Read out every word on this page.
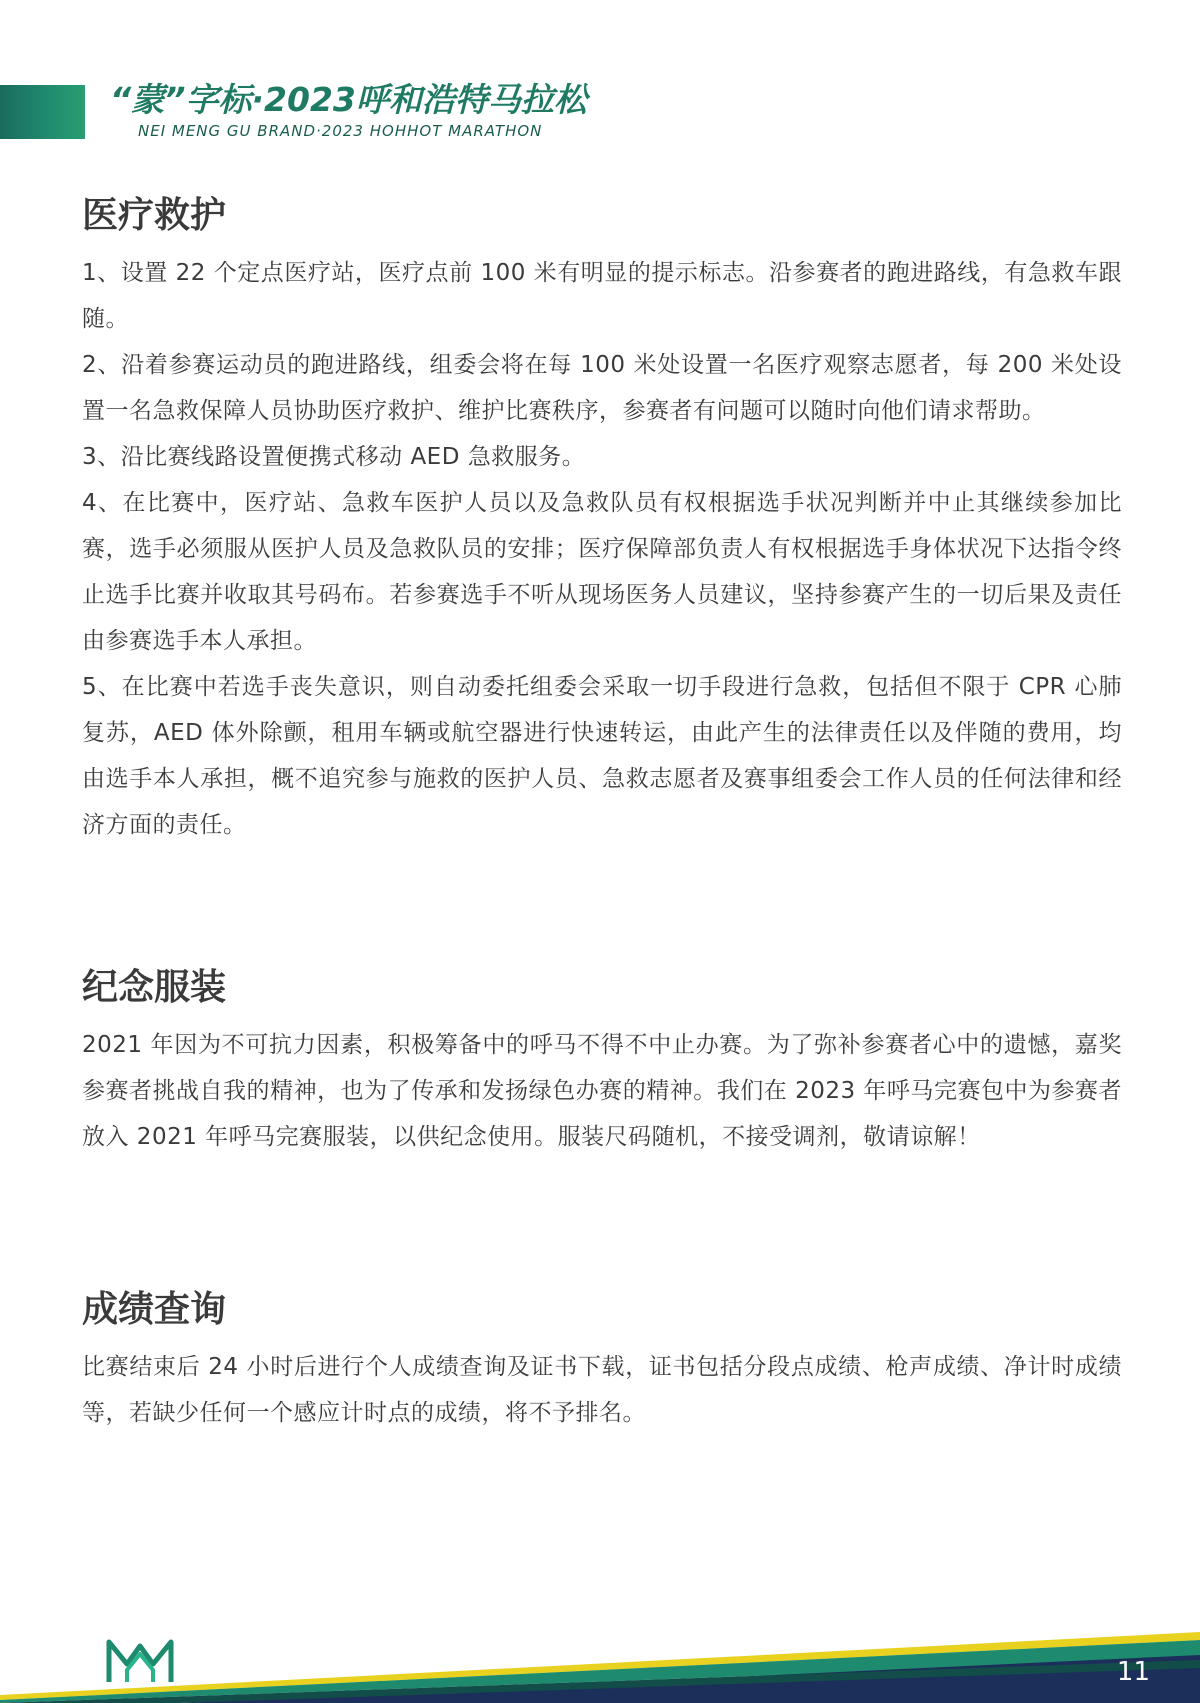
“蒙”字标·2023呼和浩特马拉松
NEI MENG GU BRAND·2023 HOHHOT MARATHON
医疗救护

1、设置 22 个定点医疗站，医疗点前 100 米有明显的提示标志。沿参赛者的跑进路线，有急救车跟随。

2、沿着参赛运动员的跑进路线，组委会将在每 100 米处设置一名医疗观察志愿者，每 200 米处设置一名急救保障人员协助医疗救护、维护比赛秩序，参赛者有问题可以随时向他们请求帮助。

3、沿比赛线路设置便携式移动 AED 急救服务。

4、在比赛中，医疗站、急救车医护人员以及急救队员有权根据选手状况判断并中止其继续参加比赛，选手必须服从医护人员及急救队员的安排；医疗保障部负责人有权根据选手身体状况下达指令终止选手比赛并收取其号码布。若参赛选手不听从现场医务人员建议，坚持参赛产生的一切后果及责任由参赛选手本人承担。

5、在比赛中若选手丧失意识，则自动委托组委会采取一切手段进行急救，包括但不限于 CPR 心肺复苏，AED 体外除颤，租用车辆或航空器进行快速转运，由此产生的法律责任以及伴随的费用，均由选手本人承担，概不追究参与施救的医护人员、急救志愿者及赛事组委会工作人员的任何法律和经济方面的责任。

纪念服装

2021 年因为不可抗力因素，积极筹备中的呼马不得不中止办赛。为了弥补参赛者心中的遗憾，嘉奖参赛者挑战自我的精神，也为了传承和发扬绿色办赛的精神。我们在 2023 年呼马完赛包中为参赛者放入 2021 年呼马完赛服装，以供纪念使用。服装尺码随机，不接受调剂，敬请谅解！

成绩查询

比赛结束后 24 小时后进行个人成绩查询及证书下载，证书包括分段点成绩、枪声成绩、净计时成绩等，若缺少任何一个感应计时点的成绩，将不予排名。

11
